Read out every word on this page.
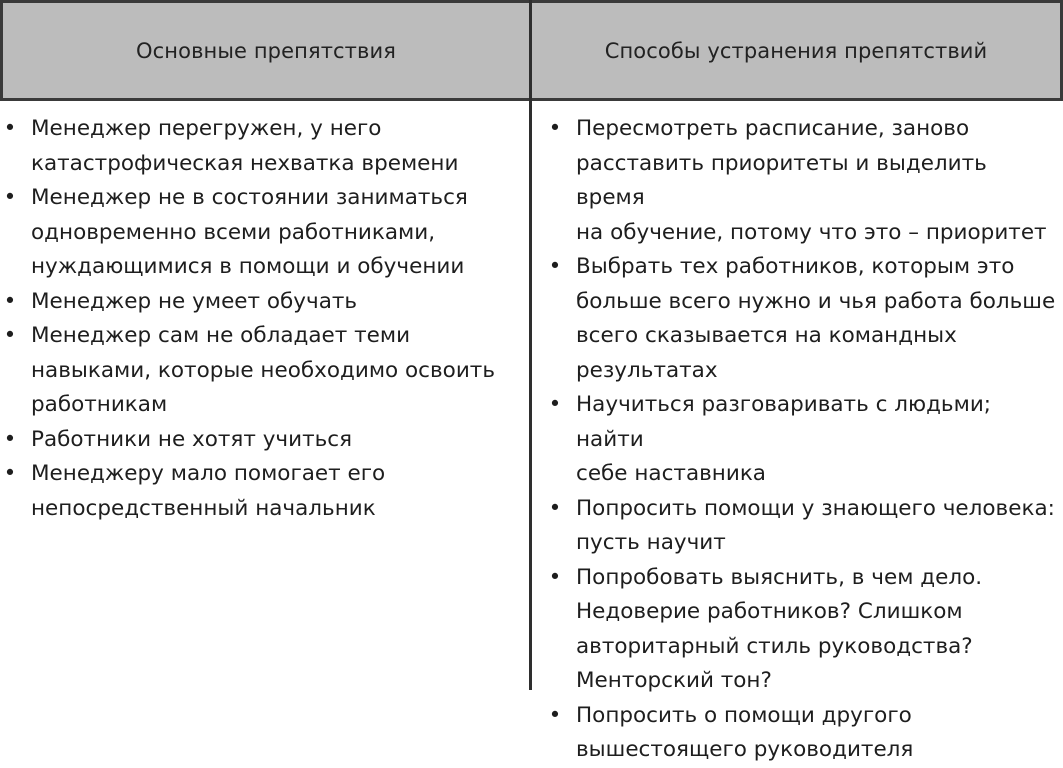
Основные препятствия	Способы устранения препятствий
• Менеджер перегружен, у него
катастрофическая нехватка времени
• Менеджер не в состоянии заниматься
одновременно всеми работниками,
нуждающимися в помощи и обучении
• Менеджер не умеет обучать
• Менеджер сам не обладает теми
навыками, которые необходимо освоить
работникам
• Работники не хотят учиться
• Менеджеру мало помогает его
непосредственный начальник
• Пересмотреть расписание, заново
расставить приоритеты и выделить время
на обучение, потому что это – приоритет
• Выбрать тех работников, которым это
больше всего нужно и чья работа больше
всего сказывается на командных
результатах
• Научиться разговаривать с людьми; найти
себе наставника
• Попросить помощи у знающего человека:
пусть научит
• Попробовать выяснить, в чем дело.
Недоверие работников? Слишком
авторитарный стиль руководства?
Менторский тон?
• Попросить о помощи другого
вышестоящего руководителя
